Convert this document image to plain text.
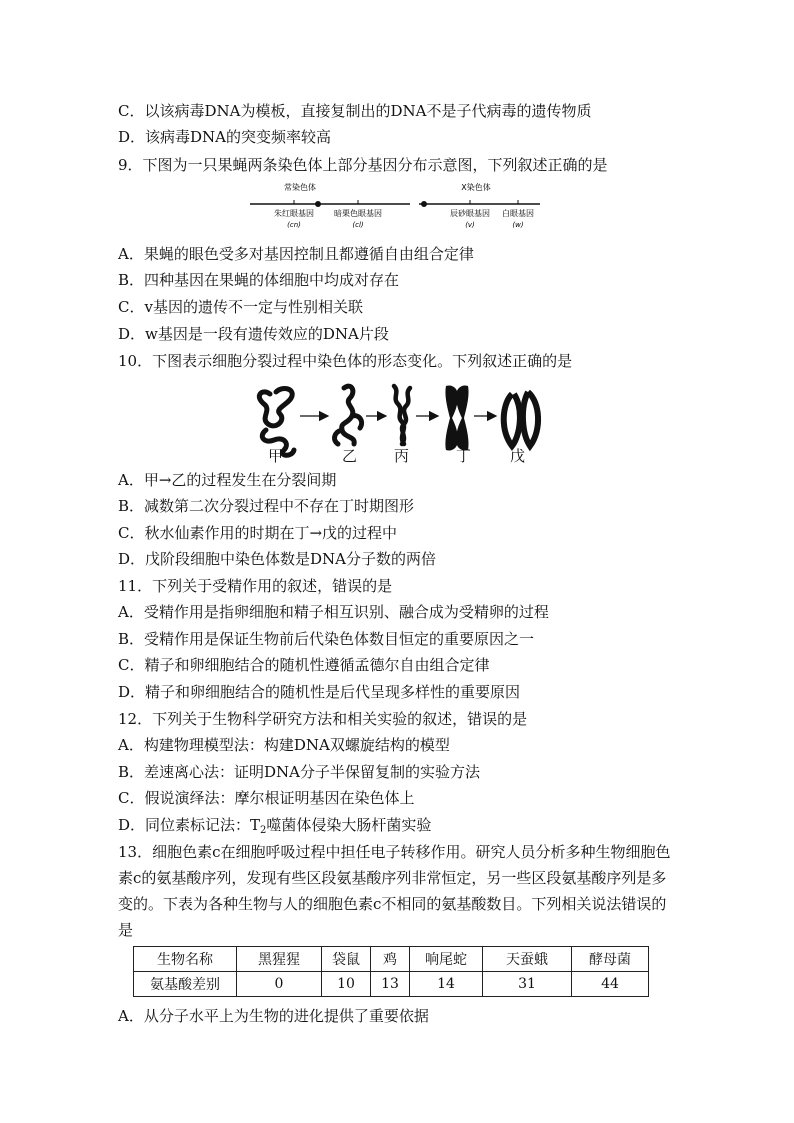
C．以该病毒DNA为模板，直接复制出的DNA不是子代病毒的遗传物质
D．该病毒DNA的突变频率较高
9．下图为一只果蝇两条染色体上部分基因分布示意图，下列叙述正确的是
常染色体	X染色体
朱红眼基因	暗栗色眼基因	辰砂眼基因 白眼基因
(cn)	(cl)	(v)	(w)
A．果蝇的眼色受多对基因控制且都遵循自由组合定律
B．四种基因在果蝇的体细胞中均成对存在
C．v基因的遗传不一定与性别相关联
D．w基因是一段有遗传效应的DNA片段
10．下图表示细胞分裂过程中染色体的形态变化。下列叙述正确的是
甲	乙 丙	丁	戊
A．甲→乙的过程发生在分裂间期
B．减数第二次分裂过程中不存在丁时期图形
C．秋水仙素作用的时期在丁→戊的过程中
D．戊阶段细胞中染色体数是DNA分子数的两倍
11．下列关于受精作用的叙述，错误的是
A．受精作用是指卵细胞和精子相互识别、融合成为受精卵的过程
B．受精作用是保证生物前后代染色体数目恒定的重要原因之一
C．精子和卵细胞结合的随机性遵循孟德尔自由组合定律
D．精子和卵细胞结合的随机性是后代呈现多样性的重要原因
12．下列关于生物科学研究方法和相关实验的叙述，错误的是
A．构建物理模型法：构建DNA双螺旋结构的模型
B．差速离心法：证明DNA分子半保留复制的实验方法
C．假说演绎法：摩尔根证明基因在染色体上
D．同位素标记法：$T_2$噬菌体侵染大肠杆菌实验
13．细胞色素c在细胞呼吸过程中担任电子转移作用。研究人员分析多种生物细胞色素c的氨基酸序列，发现有些区段氨基酸序列非常恒定，另一些区段氨基酸序列是多变的。下表为各种生物与人的细胞色素c不相同的氨基酸数目。下列相关说法错误的是
生物名称	黑猩猩	袋鼠	鸡	响尾蛇	天蚕蛾	酵母菌
氨基酸差别	0	10	13	14	31	44
A．从分子水平上为生物的进化提供了重要依据
